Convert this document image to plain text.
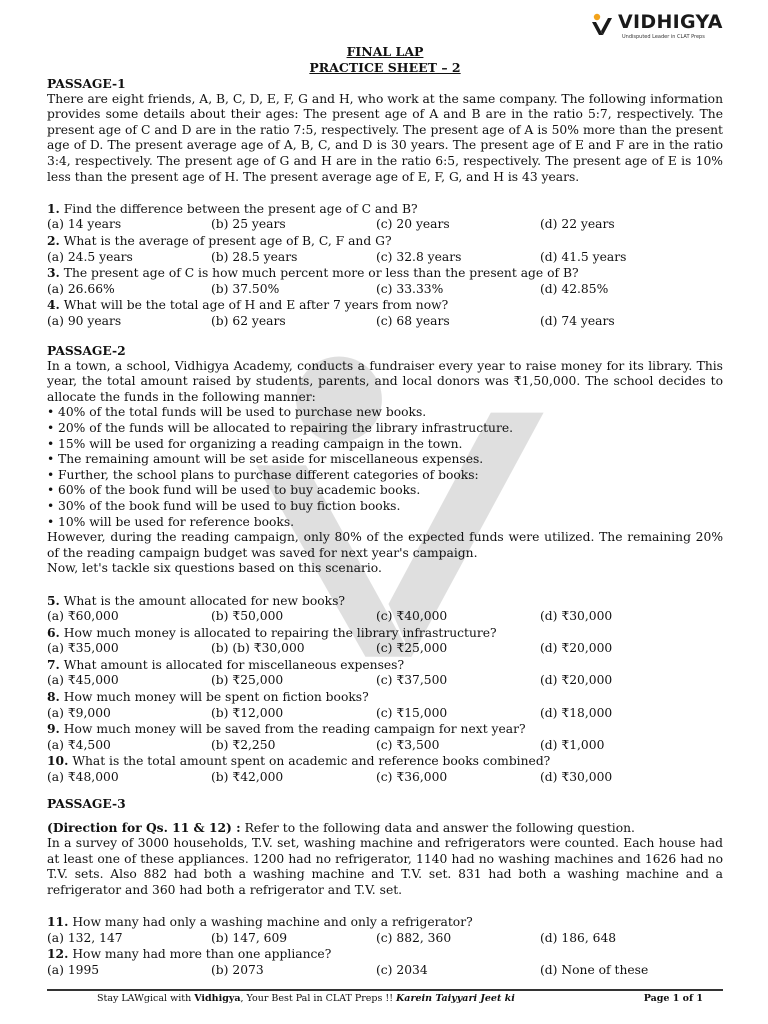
VIDHIGYA
Undisputed Leader in CLAT Preps
FINAL LAP
PRACTICE SHEET – 2
PASSAGE-1
There are eight friends, A, B, C, D, E, F, G and H, who work at the same company. The following information provides some details about their ages: The present age of A and B are in the ratio 5:7, respectively. The present age of C and D are in the ratio 7:5, respectively. The present age of A is 50% more than the present age of D. The present average age of A, B, C, and D is 30 years. The present age of E and F are in the ratio 3:4, respectively. The present age of G and H are in the ratio 6:5, respectively. The present age of E is 10% less than the present age of H. The present average age of E, F, G, and H is 43 years.
1. Find the difference between the present age of C and B?
(a) 14 years	(b) 25 years	(c) 20 years	(d) 22 years
2. What is the average of present age of B, C, F and G?
(a) 24.5 years	(b) 28.5 years	(c) 32.8 years	(d) 41.5 years
3. The present age of C is how much percent more or less than the present age of B?
(a) 26.66%	(b) 37.50%	(c) 33.33%	(d) 42.85%
4. What will be the total age of H and E after 7 years from now?
(a) 90 years	(b) 62 years	(c) 68 years	(d) 74 years
PASSAGE-2
In a town, a school, Vidhigya Academy, conducts a fundraiser every year to raise money for its library. This year, the total amount raised by students, parents, and local donors was ₹1,50,000. The school decides to allocate the funds in the following manner:
• 40% of the total funds will be used to purchase new books.
• 20% of the funds will be allocated to repairing the library infrastructure.
• 15% will be used for organizing a reading campaign in the town.
• The remaining amount will be set aside for miscellaneous expenses.
• Further, the school plans to purchase different categories of books:
• 60% of the book fund will be used to buy academic books.
• 30% of the book fund will be used to buy fiction books.
• 10% will be used for reference books.
However, during the reading campaign, only 80% of the expected funds were utilized. The remaining 20% of the reading campaign budget was saved for next year's campaign.
Now, let's tackle six questions based on this scenario.
5. What is the amount allocated for new books?
(a) ₹60,000	(b) ₹50,000	(c) ₹40,000	(d) ₹30,000
6. How much money is allocated to repairing the library infrastructure?
(a) ₹35,000	(b) (b) ₹30,000	(c) ₹25,000	(d) ₹20,000
7. What amount is allocated for miscellaneous expenses?
(a) ₹45,000	(b) ₹25,000	(c) ₹37,500	(d) ₹20,000
8. How much money will be spent on fiction books?
(a) ₹9,000	(b) ₹12,000	(c) ₹15,000	(d) ₹18,000
9. How much money will be saved from the reading campaign for next year?
(a) ₹4,500	(b) ₹2,250	(c) ₹3,500	(d) ₹1,000
10. What is the total amount spent on academic and reference books combined?
(a) ₹48,000	(b) ₹42,000	(c) ₹36,000	(d) ₹30,000
PASSAGE-3
(Direction for Qs. 11 & 12) : Refer to the following data and answer the following question.
In a survey of 3000 households, T.V. set, washing machine and refrigerators were counted. Each house had at least one of these appliances. 1200 had no refrigerator, 1140 had no washing machines and 1626 had no T.V. sets. Also 882 had both a washing machine and T.V. set. 831 had both a washing machine and a refrigerator and 360 had both a refrigerator and T.V. set.
11. How many had only a washing machine and only a refrigerator?
(a) 132, 147	(b) 147, 609	(c) 882, 360	(d) 186, 648
12. How many had more than one appliance?
(a) 1995	(b) 2073	(c) 2034	(d) None of these
Stay LAWgical with Vidhigya, Your Best Pal in CLAT Preps !! Karein Taiyyari Jeet ki	Page 1 of 1
